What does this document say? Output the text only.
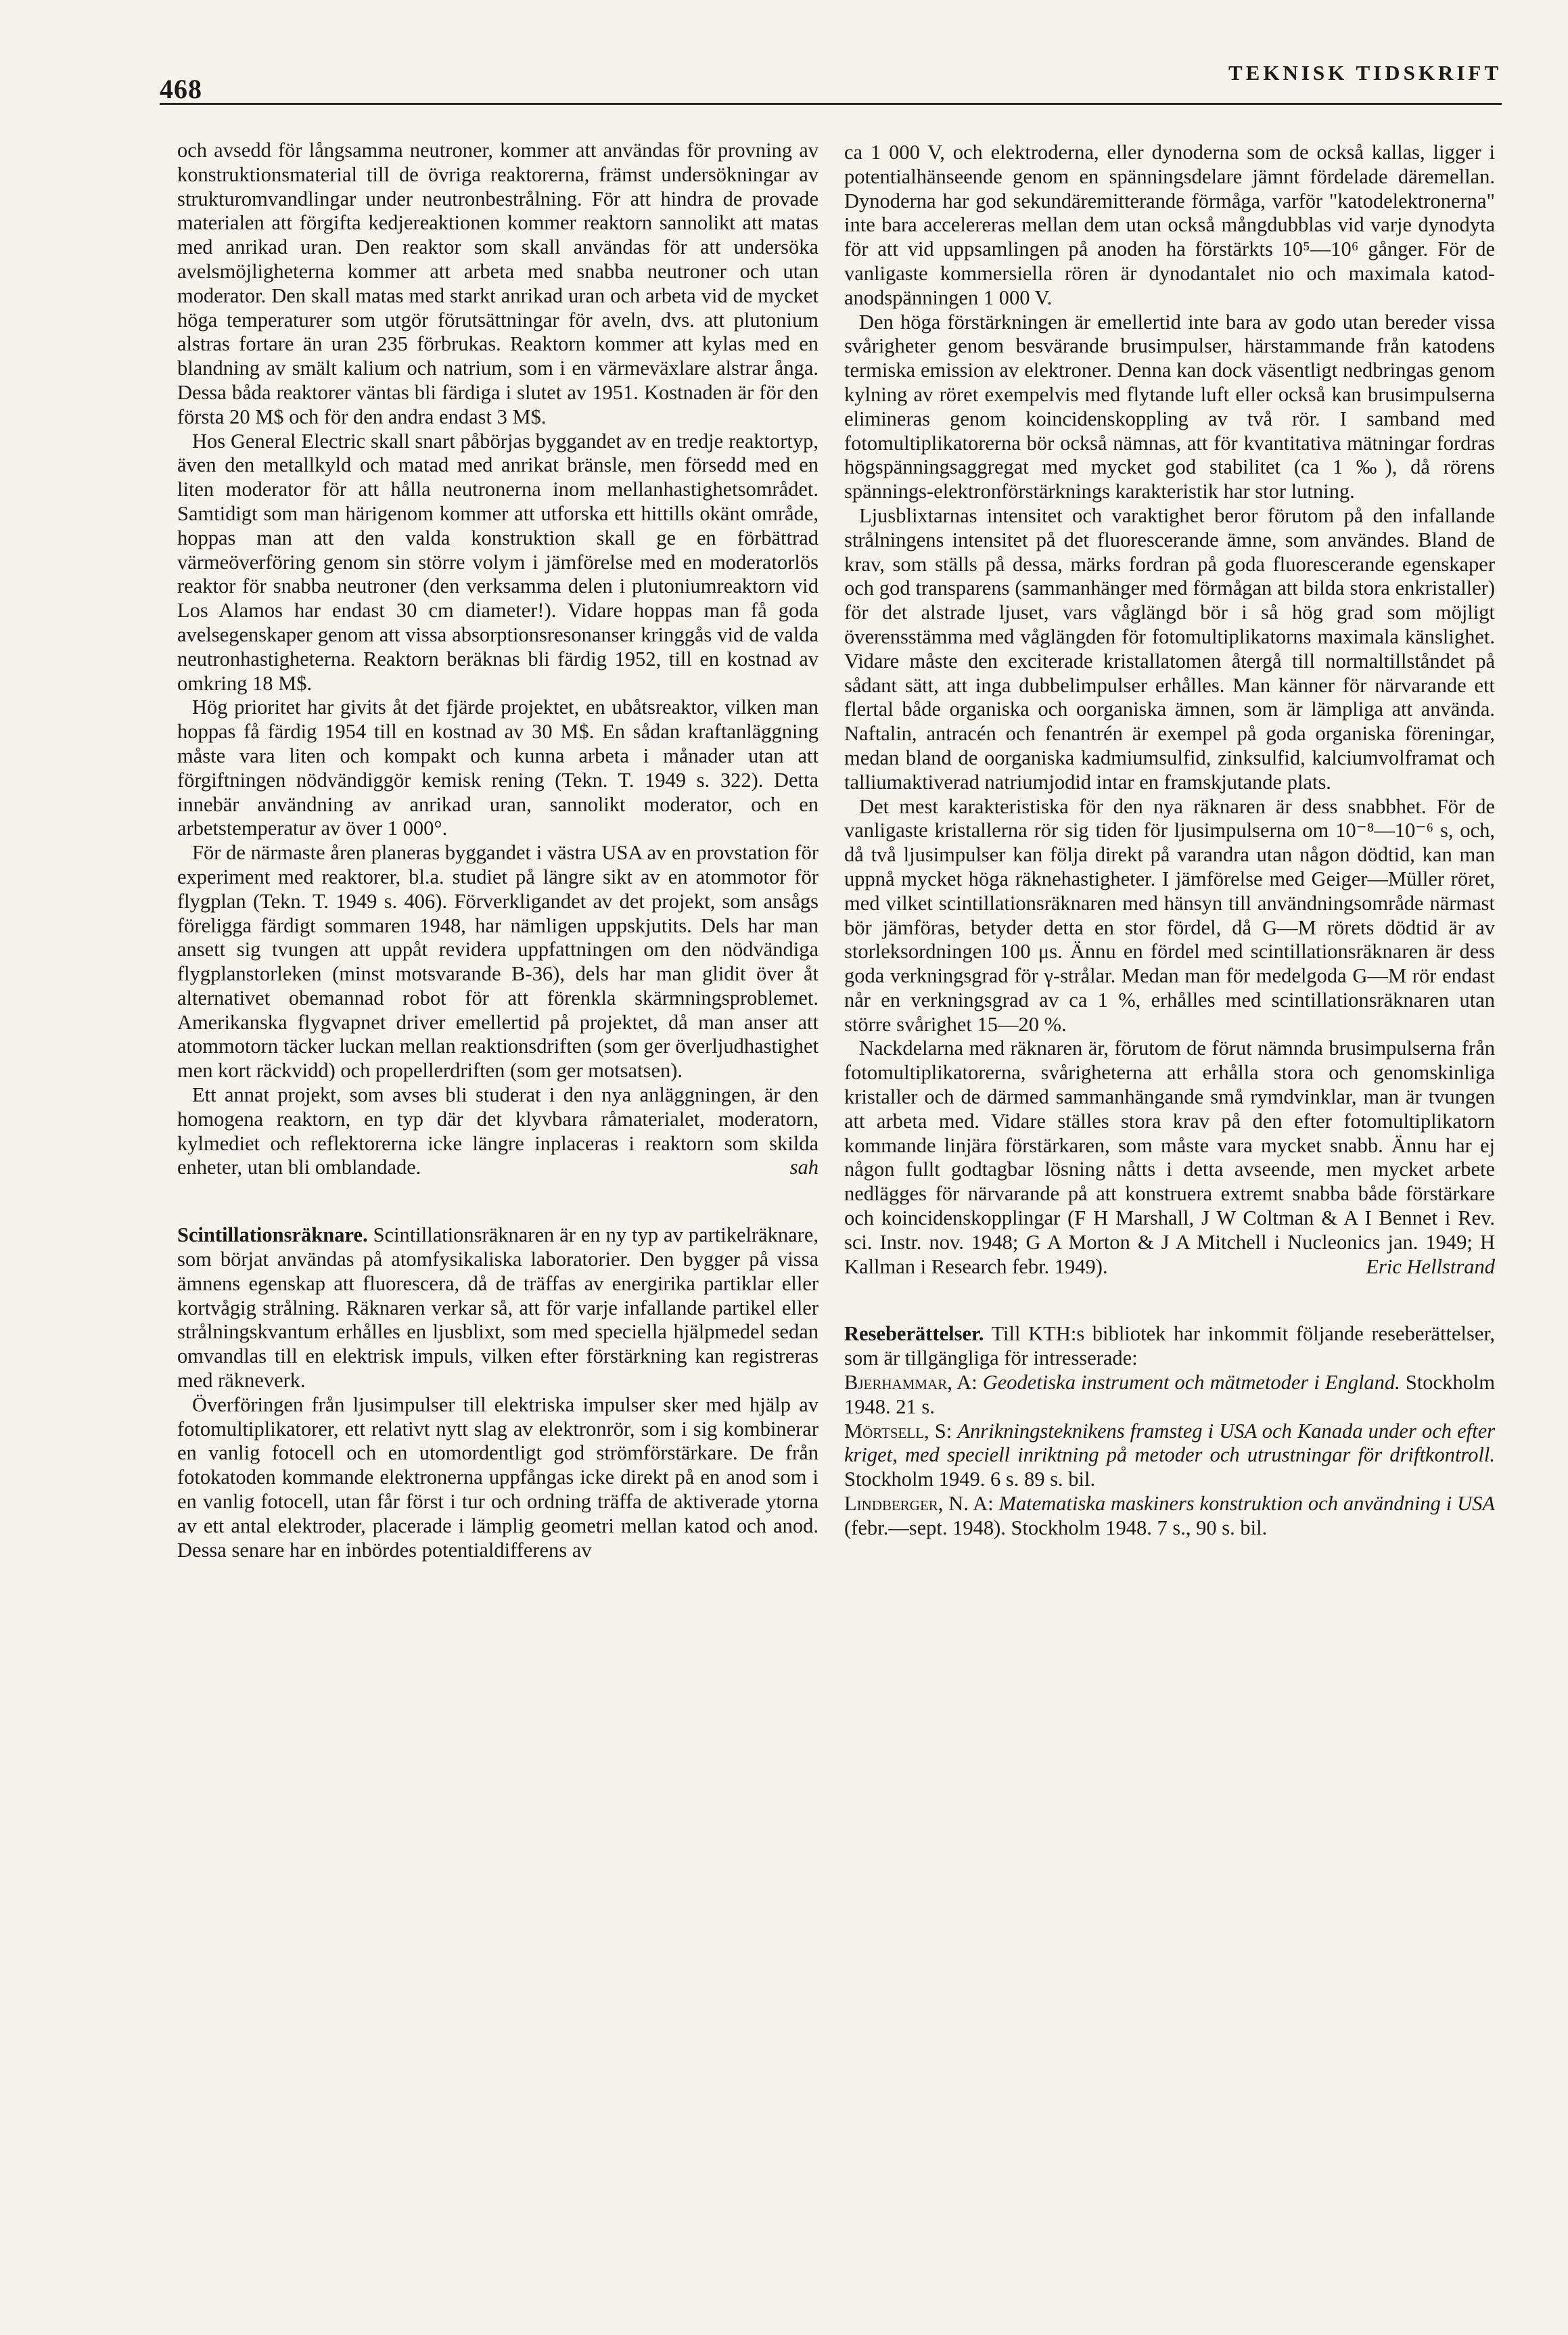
468
TEKNISK TIDSKRIFT

och avsedd för långsamma neutroner, kommer att användas för provning av konstruktionsmaterial till de övriga reaktorerna, främst undersökningar av strukturomvandlingar under neutronbestrålning. För att hindra de provade materialen att förgifta kedjereaktionen kommer reaktorn sannolikt att matas med anrikad uran. Den reaktor som skall användas för att undersöka avelsmöjligheterna kommer att arbeta med snabba neutroner och utan moderator. Den skall matas med starkt anrikad uran och arbeta vid de mycket höga temperaturer som utgör förutsättningar för aveln, dvs. att plutonium alstras fortare än uran 235 förbrukas. Reaktorn kommer att kylas med en blandning av smält kalium och natrium, som i en värmeväxlare alstrar ånga. Dessa båda reaktorer väntas bli färdiga i slutet av 1951. Kostnaden är för den första 20 M$ och för den andra endast 3 M$.

Hos General Electric skall snart påbörjas byggandet av en tredje reaktortyp, även den metallkyld och matad med anrikat bränsle, men försedd med en liten moderator för att hålla neutronerna inom mellanhastighetsområdet. Samtidigt som man härigenom kommer att utforska ett hittills okänt område, hoppas man att den valda konstruktion skall ge en förbättrad värmeöverföring genom sin större volym i jämförelse med en moderatorlös reaktor för snabba neutroner (den verksamma delen i plutoniumreaktorn vid Los Alamos har endast 30 cm diameter!). Vidare hoppas man få goda avelsegenskaper genom att vissa absorptionsresonanser kringgås vid de valda neutronhastigheterna. Reaktorn beräknas bli färdig 1952, till en kostnad av omkring 18 M$.

Hög prioritet har givits åt det fjärde projektet, en ubåtsreaktor, vilken man hoppas få färdig 1954 till en kostnad av 30 M$. En sådan kraftanläggning måste vara liten och kompakt och kunna arbeta i månader utan att förgiftningen nödvändiggör kemisk rening (Tekn. T. 1949 s. 322). Detta innebär användning av anrikad uran, sannolikt moderator, och en arbetstemperatur av över 1 000°.

För de närmaste åren planeras byggandet i västra USA av en provstation för experiment med reaktorer, bl.a. studiet på längre sikt av en atommotor för flygplan (Tekn. T. 1949 s. 406). Förverkligandet av det projekt, som ansågs föreligga färdigt sommaren 1948, har nämligen uppskjutits. Dels har man ansett sig tvungen att uppåt revidera uppfattningen om den nödvändiga flygplanstorleken (minst motsvarande B-36), dels har man glidit över åt alternativet obemannad robot för att förenkla skärmningsproblemet. Amerikanska flygvapnet driver emellertid på projektet, då man anser att atommotorn täcker luckan mellan reaktionsdriften (som ger överljudhastighet men kort räckvidd) och propellerdriften (som ger motsatsen).

Ett annat projekt, som avses bli studerat i den nya anläggningen, är den homogena reaktorn, en typ där det klyvbara råmaterialet, moderatorn, kylmediet och reflektorerna icke längre inplaceras i reaktorn som skilda enheter, utan bli omblandade.	sah

Scintillationsräknare. Scintillationsräknaren är en ny typ av partikelräknare, som börjat användas på atomfysikaliska laboratorier. Den bygger på vissa ämnens egenskap att fluorescera, då de träffas av energirika partiklar eller kortvågig strålning. Räknaren verkar så, att för varje infallande partikel eller strålningskvantum erhålles en ljusblixt, som med speciella hjälpmedel sedan omvandlas till en elektrisk impuls, vilken efter förstärkning kan registreras med räkneverk.

Överföringen från ljusimpulser till elektriska impulser sker med hjälp av fotomultiplikatorer, ett relativt nytt slag av elektronrör, som i sig kombinerar en vanlig fotocell och en utomordentligt god strömförstärkare. De från fotokatoden kommande elektronerna uppfångas icke direkt på en anod som i en vanlig fotocell, utan får först i tur och ordning träffa de aktiverade ytorna av ett antal elektroder, placerade i lämplig geometri mellan katod och anod. Dessa senare har en inbördes potentialdifferens av

ca 1 000 V, och elektroderna, eller dynoderna som de också kallas, ligger i potentialhänseende genom en spänningsdelare jämnt fördelade däremellan. Dynoderna har god sekundäremitterande förmåga, varför "katodelektronerna" inte bara accelereras mellan dem utan också mångdubblas vid varje dynodyta för att vid uppsamlingen på anoden ha förstärkts 10⁵—10⁶ gånger. För de vanligaste kommersiella rören är dynodantalet nio och maximala katod-anodspänningen 1 000 V.

Den höga förstärkningen är emellertid inte bara av godo utan bereder vissa svårigheter genom besvärande brusimpulser, härstammande från katodens termiska emission av elektroner. Denna kan dock väsentligt nedbringas genom kylning av röret exempelvis med flytande luft eller också kan brusimpulserna elimineras genom koincidenskoppling av två rör. I samband med fotomultiplikatorerna bör också nämnas, att för kvantitativa mätningar fordras högspänningsaggregat med mycket god stabilitet (ca 1 ‰), då rörens spännings-elektronförstärknings karakteristik har stor lutning.

Ljusblixtarnas intensitet och varaktighet beror förutom på den infallande strålningens intensitet på det fluorescerande ämne, som användes. Bland de krav, som ställs på dessa, märks fordran på goda fluorescerande egenskaper och god transparens (sammanhänger med förmågan att bilda stora enkristaller) för det alstrade ljuset, vars våglängd bör i så hög grad som möjligt överensstämma med våglängden för fotomultiplikatorns maximala känslighet. Vidare måste den exciterade kristallatomen återgå till normaltillståndet på sådant sätt, att inga dubbelimpulser erhålles. Man känner för närvarande ett flertal både organiska och oorganiska ämnen, som är lämpliga att använda. Naftalin, antracén och fenantrén är exempel på goda organiska föreningar, medan bland de oorganiska kadmiumsulfid, zinksulfid, kalciumvolframat och talliumaktiverad natriumjodid intar en framskjutande plats.

Det mest karakteristiska för den nya räknaren är dess snabbhet. För de vanligaste kristallerna rör sig tiden för ljusimpulserna om 10⁻⁸—10⁻⁶ s, och, då två ljusimpulser kan följa direkt på varandra utan någon dödtid, kan man uppnå mycket höga räknehastigheter. I jämförelse med Geiger—Müller röret, med vilket scintillationsräknaren med hänsyn till användningsområde närmast bör jämföras, betyder detta en stor fördel, då G—M rörets dödtid är av storleksordningen 100 μs. Ännu en fördel med scintillationsräknaren är dess goda verkningsgrad för γ-strålar. Medan man för medelgoda G—M rör endast når en verkningsgrad av ca 1 %, erhålles med scintillationsräknaren utan större svårighet 15—20 %.

Nackdelarna med räknaren är, förutom de förut nämnda brusimpulserna från fotomultiplikatorerna, svårigheterna att erhålla stora och genomskinliga kristaller och de därmed sammanhängande små rymdvinklar, man är tvungen att arbeta med. Vidare ställes stora krav på den efter fotomultiplikatorn kommande linjära förstärkaren, som måste vara mycket snabb. Ännu har ej någon fullt godtagbar lösning nåtts i detta avseende, men mycket arbete nedlägges för närvarande på att konstruera extremt snabba både förstärkare och koincidenskopplingar (F H Marshall, J W Coltman & A I Bennet i Rev. sci. Instr. nov. 1948; G A Morton & J A Mitchell i Nucleonics jan. 1949; H Kallman i Research febr. 1949).	Eric Hellstrand

Reseberättelser. Till KTH:s bibliotek har inkommit följande reseberättelser, som är tillgängliga för intresserade:

Bjerhammar, A: Geodetiska instrument och mätmetoder i England. Stockholm 1948. 21 s.

Mörtsell, S: Anrikningsteknikens framsteg i USA och Kanada under och efter kriget, med speciell inriktning på metoder och utrustningar för driftkontroll. Stockholm 1949. 6 s. 89 s. bil.

Lindberger, N. A: Matematiska maskiners konstruktion och användning i USA (febr.—sept. 1948). Stockholm 1948. 7 s., 90 s. bil.
